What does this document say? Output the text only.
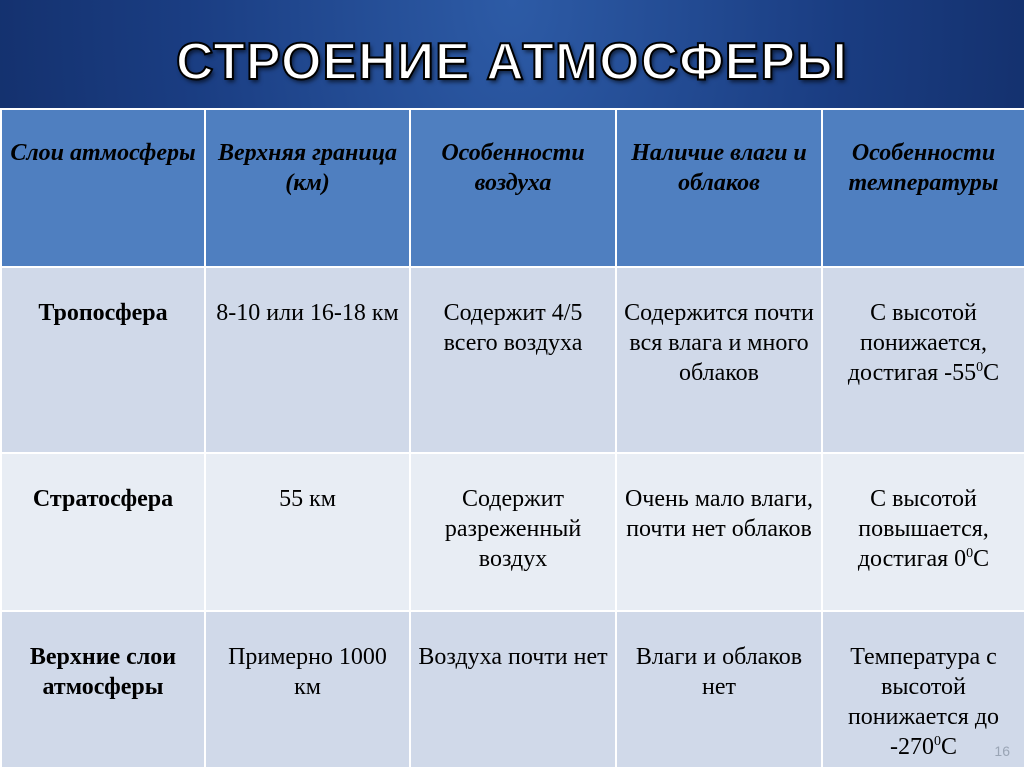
СТРОЕНИЕ АТМОСФЕРЫ
Слои атмосферы	Верхняя граница (км)	Особенности воздуха	Наличие влаги и облаков	Особенности температуры
Тропосфера	8-10 или 16-18 км	Содержит 4/5 всего воздуха	Содержится почти вся влага и много облаков	С высотой понижается, достигая $-55^0С$
Стратосфера	55 км	Содержит разреженный воздух	Очень мало влаги, почти нет облаков	С высотой повышается, достигая $0^0С$
Верхние слои атмосферы	Примерно 1000 км	Воздуха почти нет	Влаги и облаков нет	Температура с высотой понижается до $-270^0С$	16
